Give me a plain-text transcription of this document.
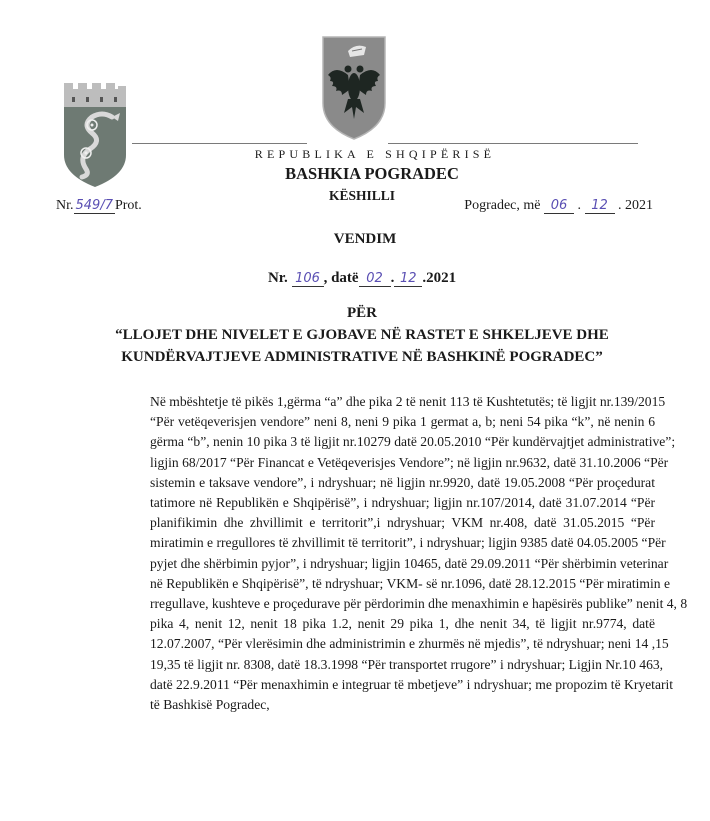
REPUBLIKA E SHQIPËRISË
BASHKIA POGRADEC
KËSHILLI
Nr. 549/7 Prot.	Pogradec, më 06 . 12 . 2021
VENDIM
Nr. 106 , datë 02 . 12 .2021
PËR
“LLOJET DHE NIVELET E GJOBAVE NË RASTET E SHKELJEVE DHE
KUNDËRVAJTJEVE ADMINISTRATIVE NË BASHKINË POGRADEC”
Në mbështetje të pikës 1,gërma “a” dhe pika 2 të nenit 113 të Kushtetutës; të ligjit nr.139/2015
“Për vetëqeverisjen vendore” neni 8, neni 9 pika 1 germat a, b; neni 54 pika “k”, në nenin 6
gërma “b”, nenin 10 pika 3 të ligjit nr.10279 datë 20.05.2010 “Për kundërvajtjet administrative”;
ligjin 68/2017 “Për Financat e Vetëqeverisjes Vendore”; në ligjin nr.9632, datë 31.10.2006 “Për
sistemin e taksave vendore”, i ndryshuar; në ligjin nr.9920, datë 19.05.2008 “Për proçedurat
tatimore në Republikën e Shqipërisë”, i ndryshuar; ligjin nr.107/2014, datë 31.07.2014 “Për
planifikimin dhe zhvillimit e territorit”,i ndryshuar; VKM nr.408, datë 31.05.2015 “Për
miratimin e rregullores të zhvillimit të territorit”, i ndryshuar; ligjin 9385 datë 04.05.2005 “Për
pyjet dhe shërbimin pyjor”, i ndryshuar; ligjin 10465, datë 29.09.2011 “Për shërbimin veterinar
në Republikën e Shqipërisë”, të ndryshuar; VKM- së nr.1096, datë 28.12.2015 “Për miratimin e
rregullave, kushteve e proçedurave për përdorimin dhe menaxhimin e hapësirës publike” nenit 4, 8
pika 4, nenit 12, nenit 18 pika 1.2, nenit 29 pika 1, dhe nenit 34, të ligjit nr.9774, datë
12.07.2007, “Për vlerësimin dhe administrimin e zhurmës në mjedis”, të ndryshuar; neni 14 ,15
19,35 të ligjit nr. 8308, datë 18.3.1998 “Për transportet rrugore” i ndryshuar; Ligjin Nr.10 463,
datë 22.9.2011 “Për menaxhimin e integruar të mbetjeve” i ndryshuar; me propozim të Kryetarit
të Bashkisë Pogradec,
